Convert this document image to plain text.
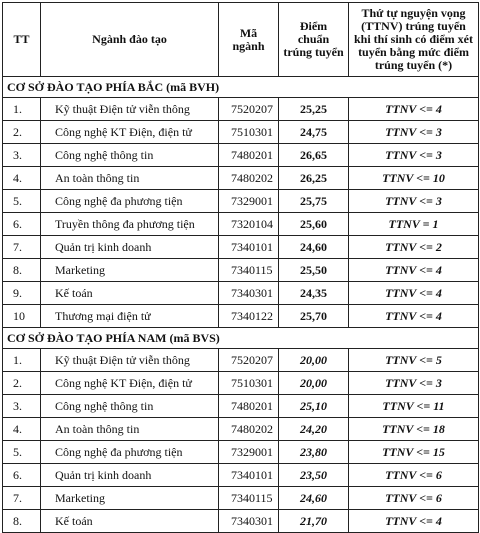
TT	Ngành đào tạo	Mã ngành	Điểm chuẩn trúng tuyển	Thứ tự nguyện vọng (TTNV) trúng tuyển khi thí sinh có điểm xét tuyển bằng mức điểm trúng tuyển (*)
CƠ SỞ ĐÀO TẠO PHÍA BẮC (mã BVH)				
1.	Kỹ thuật Điện tử viễn thông	7520207	25,25	TTNV <= 4
2.	Công nghệ KT Điện, điện tử	7510301	24,75	TTNV <= 3
3.	Công nghệ thông tin	7480201	26,65	TTNV <= 3
4.	An toàn thông tin	7480202	26,25	TTNV <= 10
5.	Công nghệ đa phương tiện	7329001	25,75	TTNV <= 3
6.	Truyền thông đa phương tiện	7320104	25,60	TTNV = 1
7.	Quản trị kinh doanh	7340101	24,60	TTNV <= 2
8.	Marketing	7340115	25,50	TTNV <= 4
9.	Kế toán	7340301	24,35	TTNV <= 4
10	Thương mại điện tử	7340122	25,70	TTNV <= 4
CƠ SỞ ĐÀO TẠO PHÍA NAM (mã BVS)				
1.	Kỹ thuật Điện tử viễn thông	7520207	20,00	TTNV <= 5
2.	Công nghệ KT Điện, điện tử	7510301	20,00	TTNV <= 3
3.	Công nghệ thông tin	7480201	25,10	TTNV <= 11
4.	An toàn thông tin	7480202	24,20	TTNV <= 18
5.	Công nghệ đa phương tiện	7329001	23,80	TTNV <= 15
6.	Quản trị kinh doanh	7340101	23,50	TTNV <= 6
7.	Marketing	7340115	24,60	TTNV <= 6
8.	Kế toán	7340301	21,70	TTNV <= 4
